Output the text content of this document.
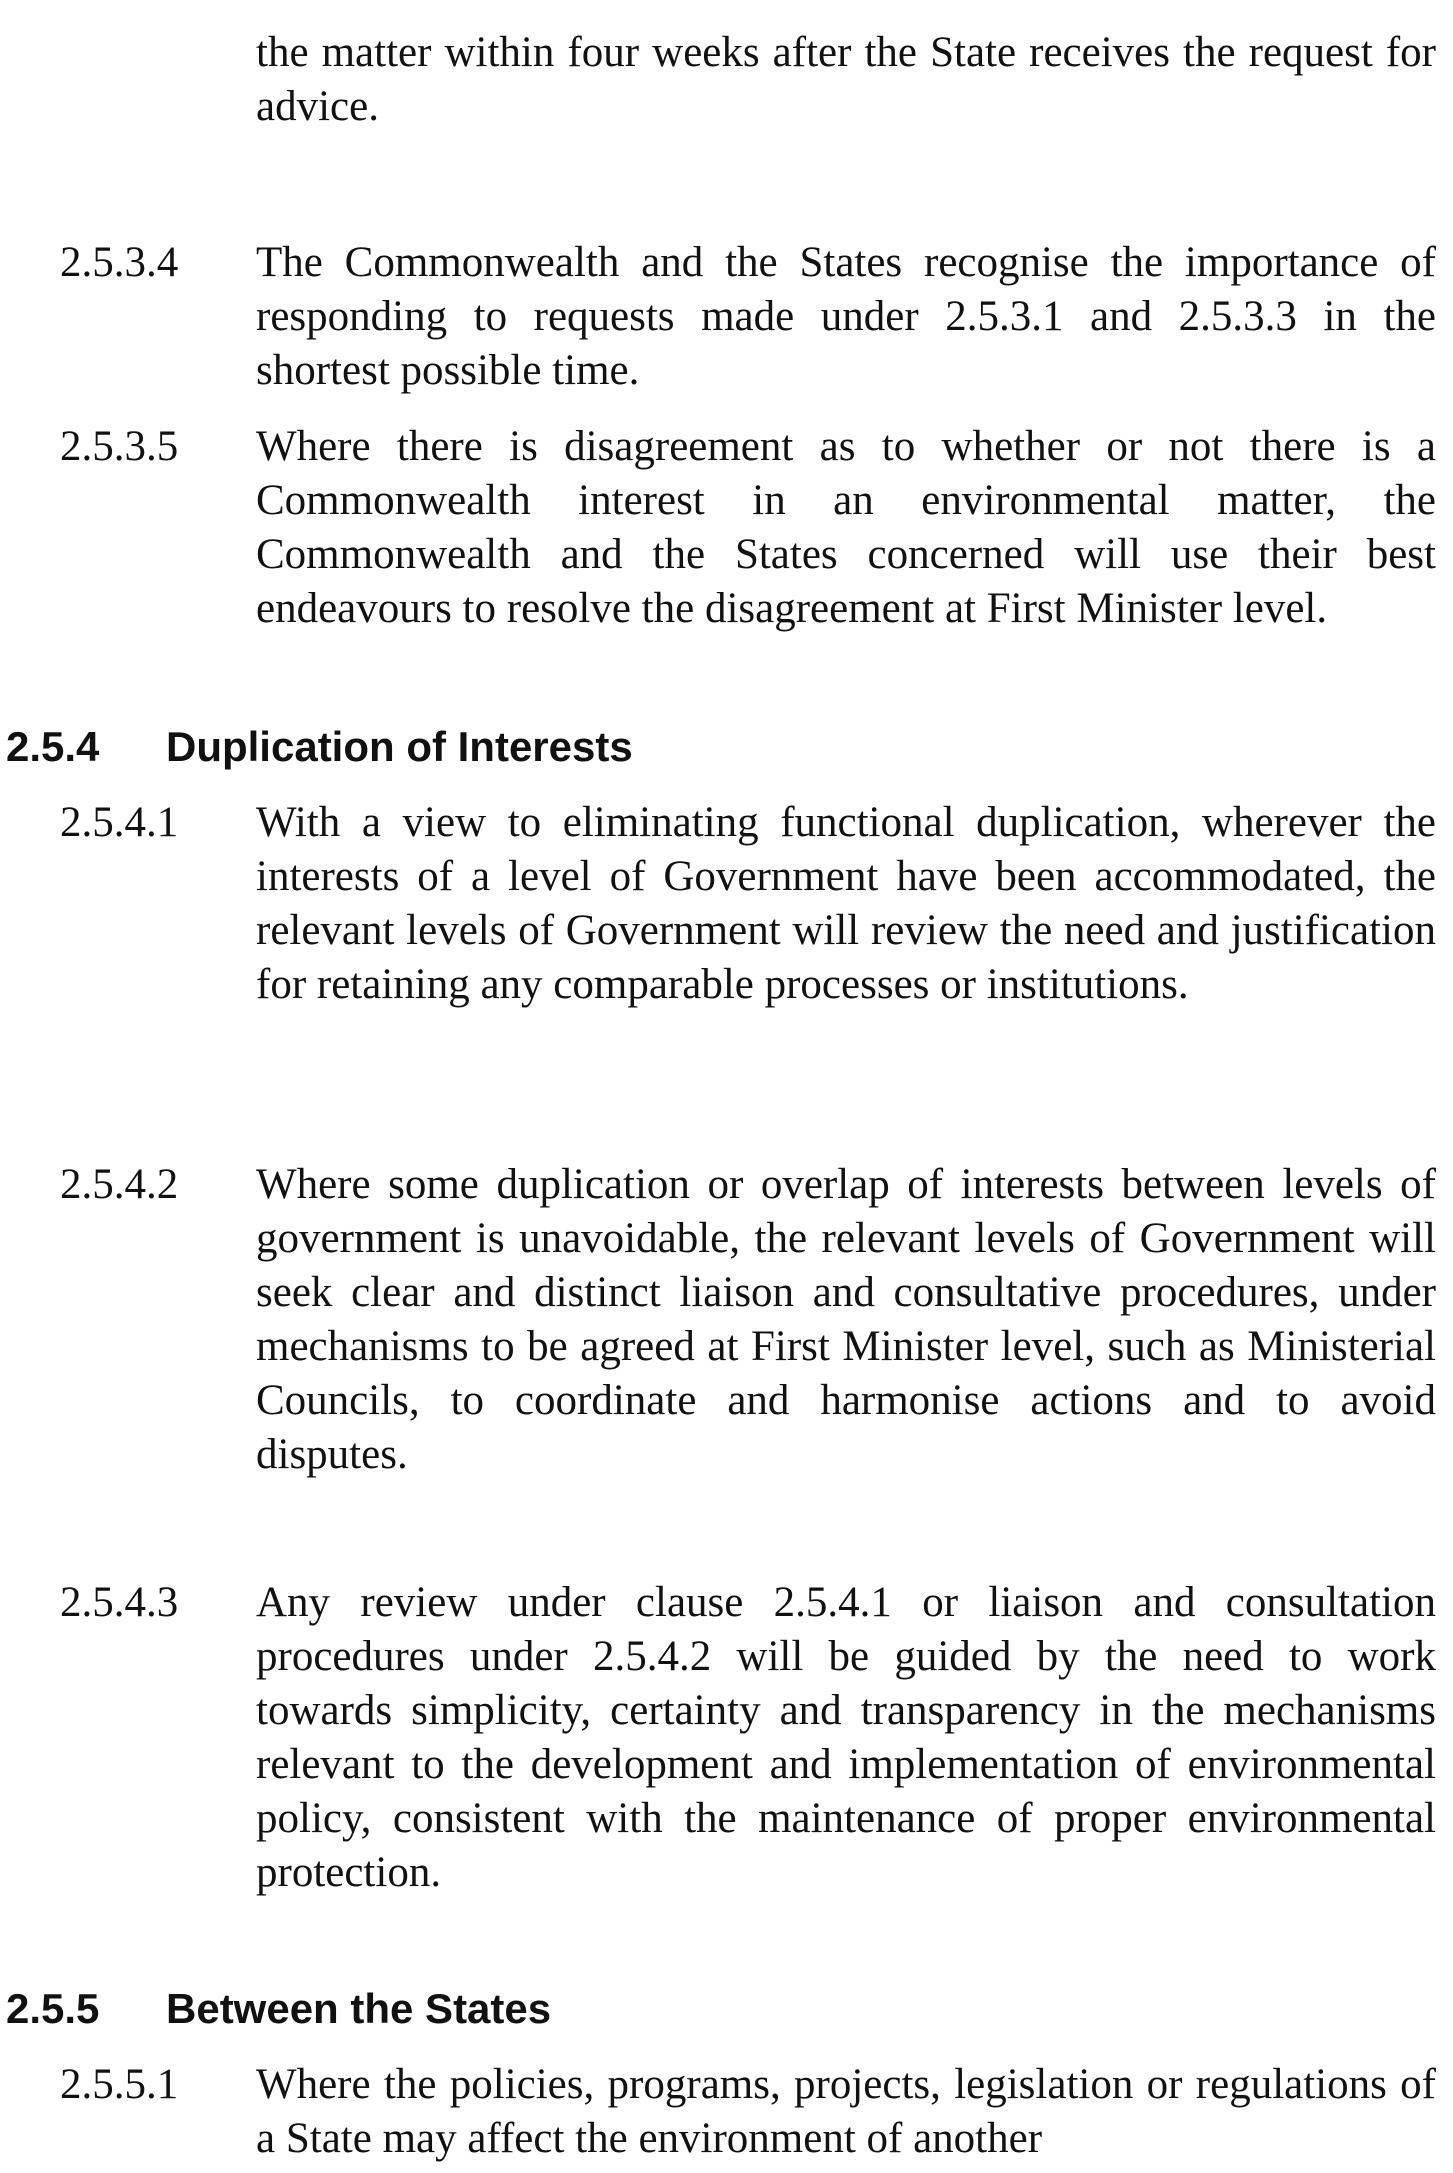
the matter within four weeks after the State receives the request for advice.

2.5.3.4 The Commonwealth and the States recognise the importance of responding to requests made under 2.5.3.1 and 2.5.3.3 in the shortest possible time.

2.5.3.5 Where there is disagreement as to whether or not there is a Commonwealth interest in an environmental matter, the Commonwealth and the States concerned will use their best endeavours to resolve the disagreement at First Minister level.

2.5.4 Duplication of Interests
2.5.4.1 With a view to eliminating functional duplication, wherever the interests of a level of Government have been accommodated, the relevant levels of Government will review the need and justification for retaining any comparable processes or institutions.

2.5.4.2 Where some duplication or overlap of interests between levels of government is unavoidable, the relevant levels of Government will seek clear and distinct liaison and consultative procedures, under mechanisms to be agreed at First Minister level, such as Ministerial Councils, to coordinate and harmonise actions and to avoid disputes.

2.5.4.3 Any review under clause 2.5.4.1 or liaison and consultation procedures under 2.5.4.2 will be guided by the need to work towards simplicity, certainty and transparency in the mechanisms relevant to the development and implementation of environmental policy, consistent with the maintenance of proper environmental protection.

2.5.5 Between the States
2.5.5.1 Where the policies, programs, projects, legislation or regulations of a State may affect the environment of another
